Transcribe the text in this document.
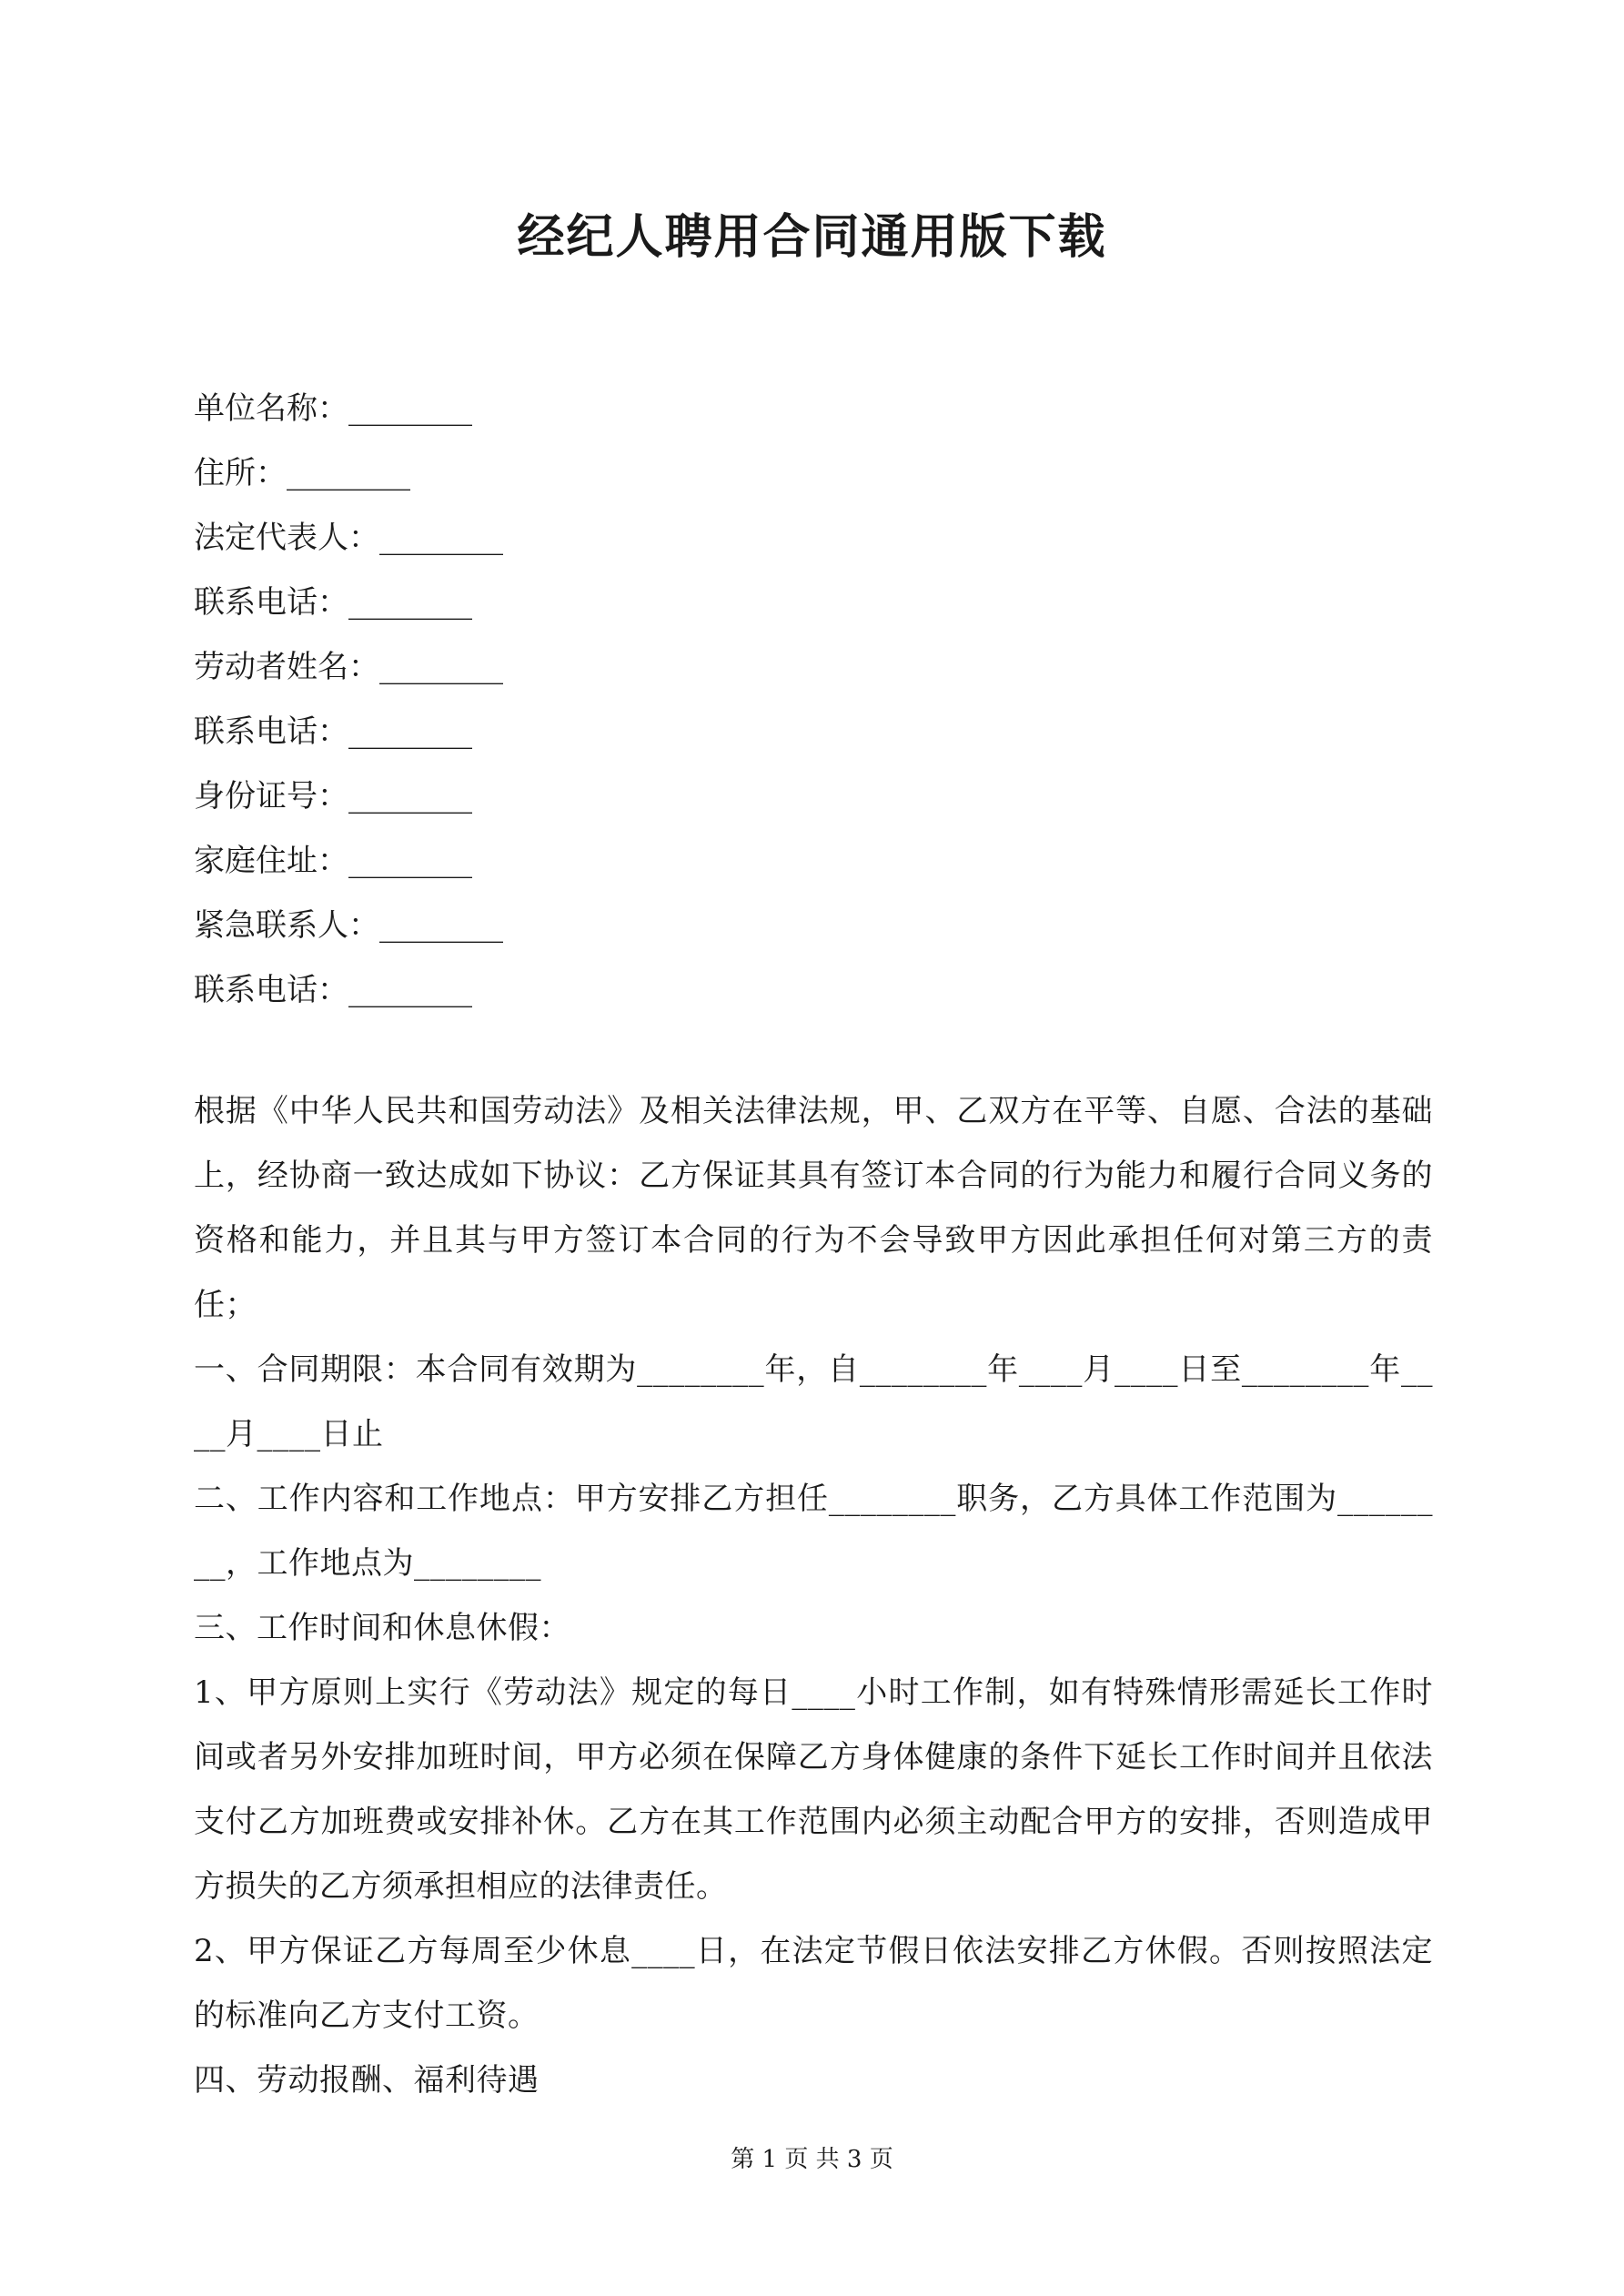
经纪人聘用合同通用版下载
单位名称：________
住所：________
法定代表人：________
联系电话：________
劳动者姓名：________
联系电话：________
身份证号：________
家庭住址：________
紧急联系人：________
联系电话：________

根据《中华人民共和国劳动法》及相关法律法规，甲、乙双方在平等、自愿、合法的基础上，经协商一致达成如下协议：乙方保证其具有签订本合同的行为能力和履行合同义务的资格和能力，并且其与甲方签订本合同的行为不会导致甲方因此承担任何对第三方的责任；

一、合同期限：本合同有效期为________年，自________年____月____日至________年____月____日止

二、工作内容和工作地点：甲方安排乙方担任________职务，乙方具体工作范围为________，工作地点为________

三、工作时间和休息休假：

1、甲方原则上实行《劳动法》规定的每日____小时工作制，如有特殊情形需延长工作时间或者另外安排加班时间，甲方必须在保障乙方身体健康的条件下延长工作时间并且依法支付乙方加班费或安排补休。乙方在其工作范围内必须主动配合甲方的安排，否则造成甲方损失的乙方须承担相应的法律责任。

2、甲方保证乙方每周至少休息____日，在法定节假日依法安排乙方休假。否则按照法定的标准向乙方支付工资。

四、劳动报酬、福利待遇

第 1 页 共 3 页
